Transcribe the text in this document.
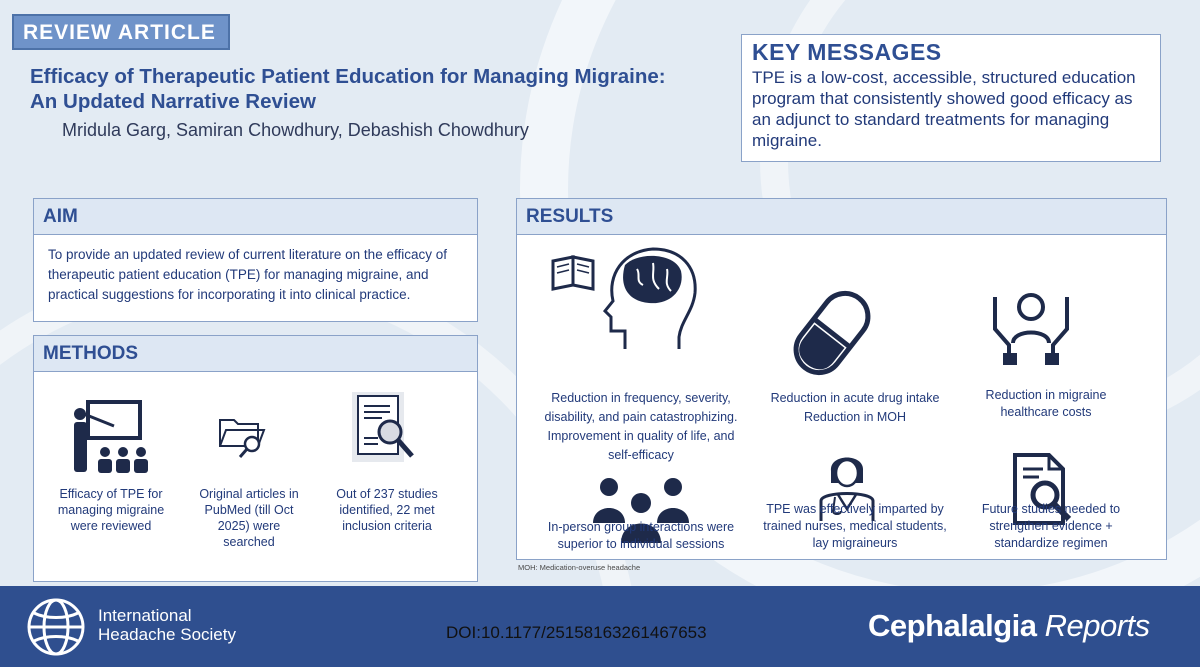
REVIEW ARTICLE
Efficacy of Therapeutic Patient Education for Managing Migraine:
An Updated Narrative Review
Mridula Garg, Samiran Chowdhury, Debashish Chowdhury
KEY MESSAGES
TPE is a low-cost, accessible, structured education program that consistently showed good efficacy as an adjunct to standard treatments for managing migraine.
AIM
To provide an updated review of current literature on the efficacy of therapeutic patient education (TPE) for managing migraine, and practical suggestions for incorporating it into clinical practice.
METHODS
Efficacy of TPE for
managing migraine
were reviewed
Original articles in
PubMed (till Oct
2025) were
searched
Out of 237 studies
identified, 22 met
inclusion criteria
RESULTS
Reduction in frequency, severity,
disability, and pain catastrophizing.
Improvement in quality of life, and
self-efficacy
Reduction in acute drug intake
Reduction in MOH
Reduction in migraine
healthcare costs
In-person group interactions were
superior to individual sessions
TPE was effectively imparted by
trained nurses, medical students,
lay migraineurs
Future studies needed to
strengthen evidence +
standardize regimen
MOH: Medication-overuse headache
International
Headache Society	DOI:10.1177/25158163261467653	Cephalalgia Reports
